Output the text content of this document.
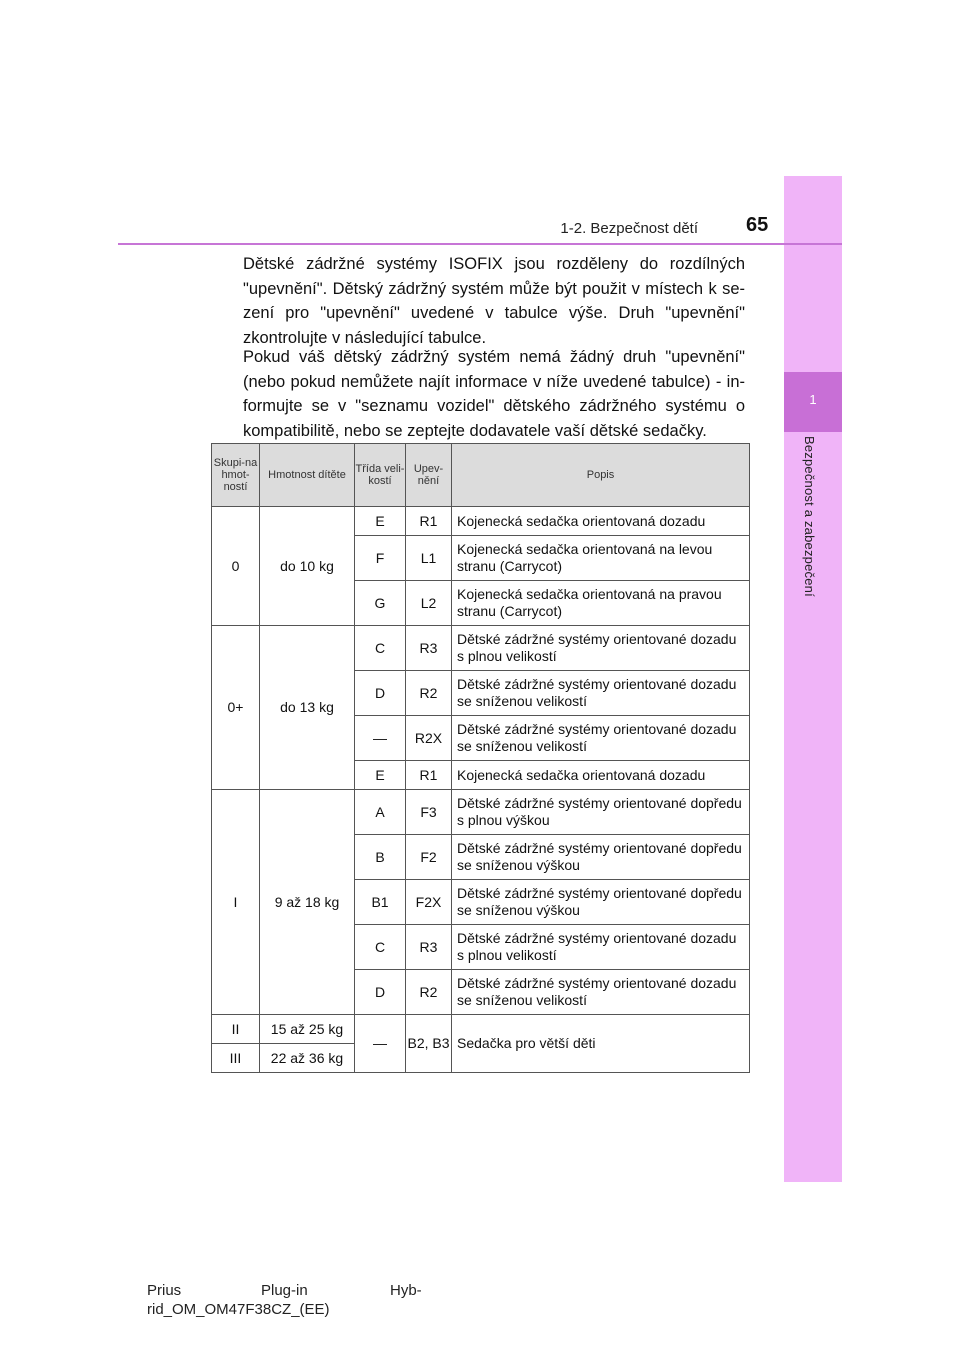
1
Bezpečnost a zabezpečení
1-2. Bezpečnost dětí 65
Dětské zádržné systémy ISOFIX jsou rozděleny do rozdílných "upevnění". Dětský zádržný systém může být použit v místech k se-zení pro "upevnění" uvedené v tabulce výše. Druh "upevnění" zkontrolujte v následující tabulce.
Pokud váš dětský zádržný systém nemá žádný druh "upevnění" (nebo pokud nemůžete najít informace v níže uvedené tabulce) - in-formujte se v "seznamu vozidel" dětského zádržného systému o kompatibilitě, nebo se zeptejte dodavatele vaší dětské sedačky.
Skupi-na hmot-ností	Hmotnost dítěte	Třída veli-kostí	Upev-nění	Popis
0	do 10 kg	E	R1	Kojenecká sedačka orientovaná dozadu
		F	L1	Kojenecká sedačka orientovaná na levou stranu (Carrycot)
		G	L2	Kojenecká sedačka orientovaná na pravou stranu (Carrycot)
0+	do 13 kg	C	R3	Dětské zádržné systémy orientované dozadu s plnou velikostí
		D	R2	Dětské zádržné systémy orientované dozadu se sníženou velikostí
		—	R2X	Dětské zádržné systémy orientované dozadu se sníženou velikostí
		E	R1	Kojenecká sedačka orientovaná dozadu
I	9 až 18 kg	A	F3	Dětské zádržné systémy orientované dopředu s plnou výškou
		B	F2	Dětské zádržné systémy orientované dopředu se sníženou výškou
		B1	F2X	Dětské zádržné systémy orientované dopředu se sníženou výškou
		C	R3	Dětské zádržné systémy orientované dozadu s plnou velikostí
		D	R2	Dětské zádržné systémy orientované dozadu se sníženou velikostí
II	15 až 25 kg	—	B2, B3	Sedačka pro větší děti
III	22 až 36 kg			
Prius	Plug-in	Hyb-
rid_OM_OM47F38CZ_(EE)
